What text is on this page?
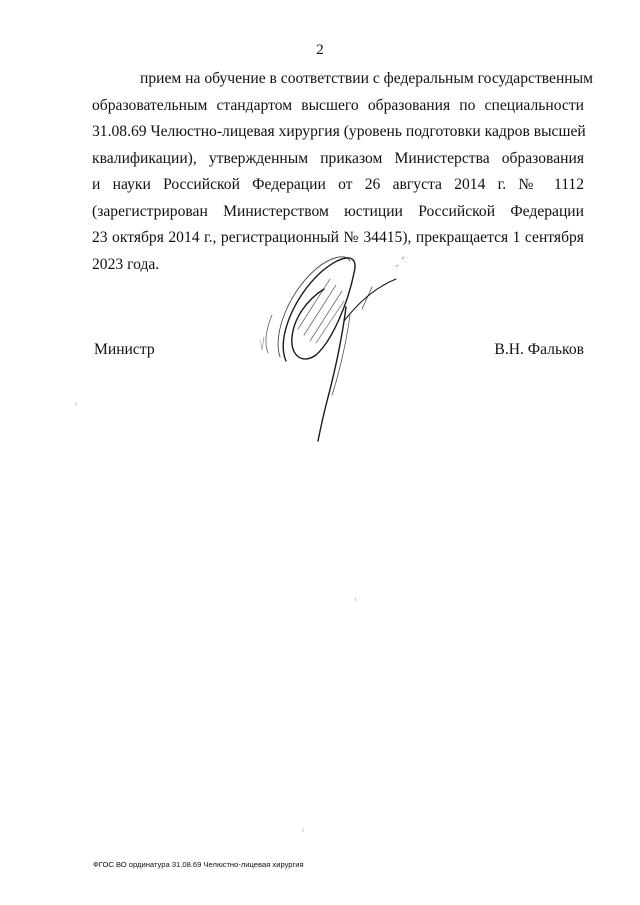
2
прием на обучение в соответствии с федеральным государственным
образовательным стандартом высшего образования по специальности
31.08.69 Челюстно-лицевая хирургия (уровень подготовки кадров высшей
квалификации), утвержденным приказом Министерства образования
и науки Российской Федерации от 26 августа 2014 г. № 1112
(зарегистрирован Министерством юстиции Российской Федерации
23 октября 2014 г., регистрационный № 34415), прекращается 1 сентября
2023 года.
Министр	В.Н. Фальков
ФГОС ВО ординатура 31.08.69 Челюстно-лицевая хирургия
